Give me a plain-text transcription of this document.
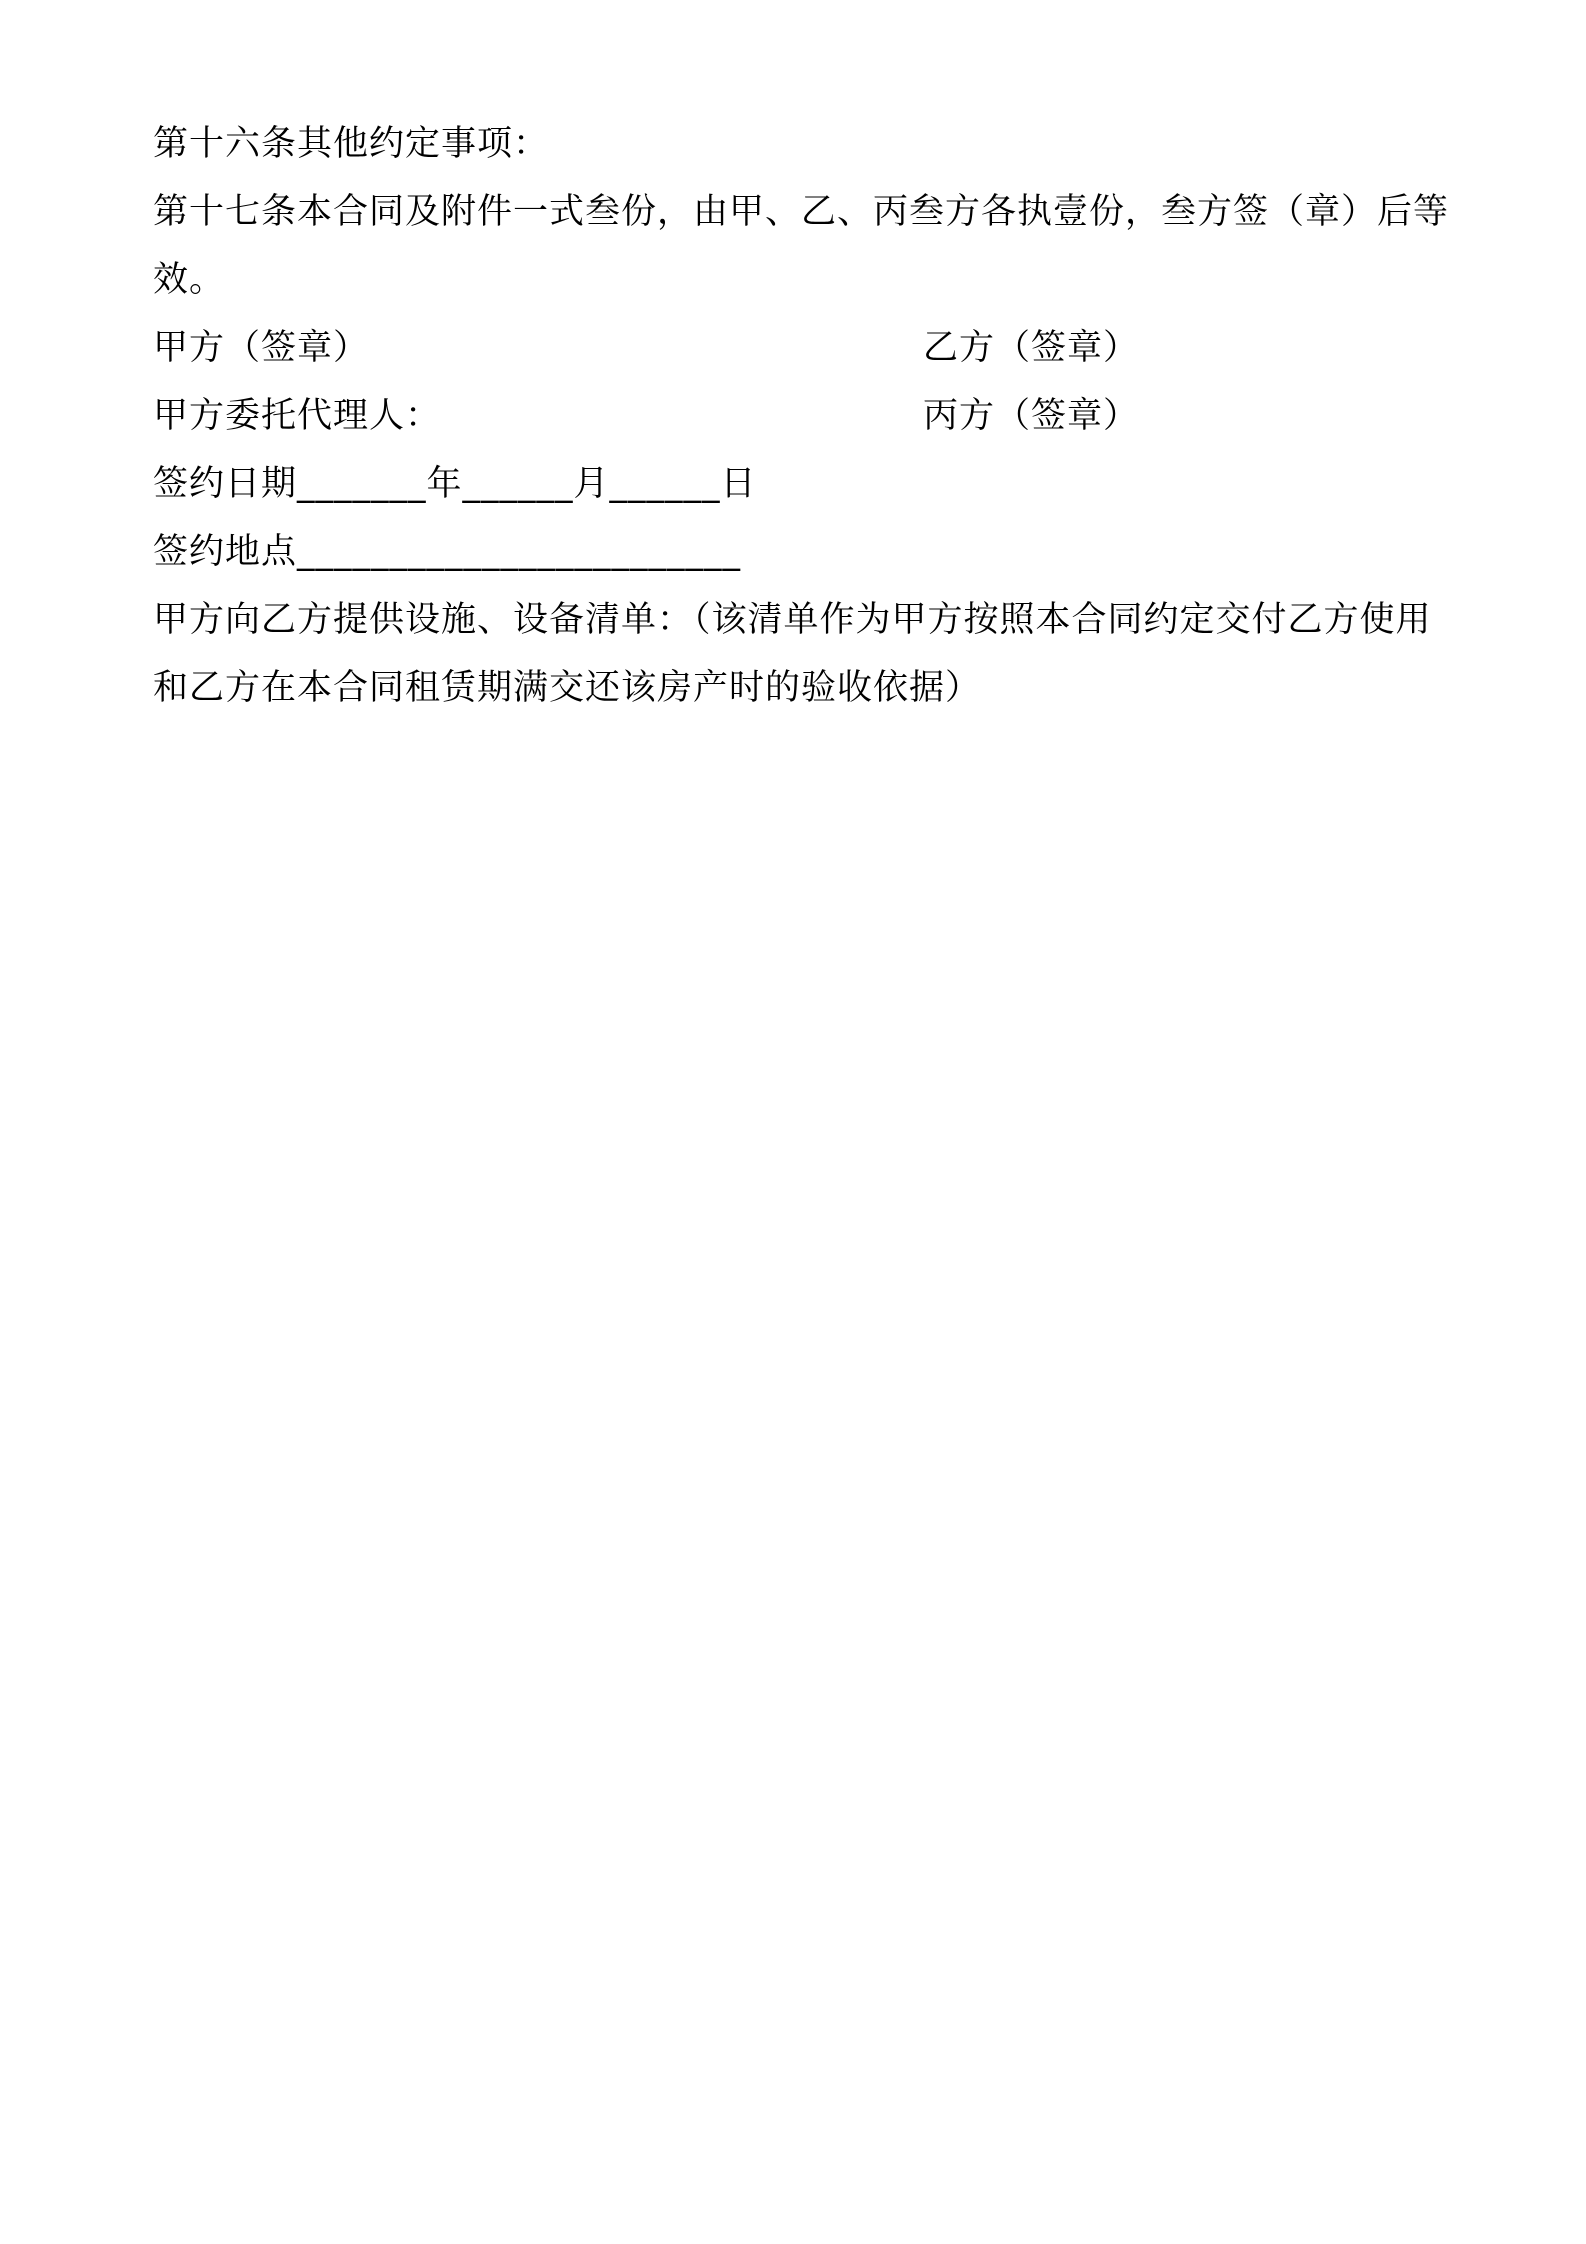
第十六条其他约定事项：
第十七条本合同及附件一式叁份，由甲、乙、丙叁方各执壹份，叁方签（章）后等效。
甲方（签章）	乙方（签章）
甲方委托代理人：	丙方（签章）
签约日期_______年______月______日
签约地点________________________
甲方向乙方提供设施、设备清单：（该清单作为甲方按照本合同约定交付乙方使用和乙方在本合同租赁期满交还该房产时的验收依据）
